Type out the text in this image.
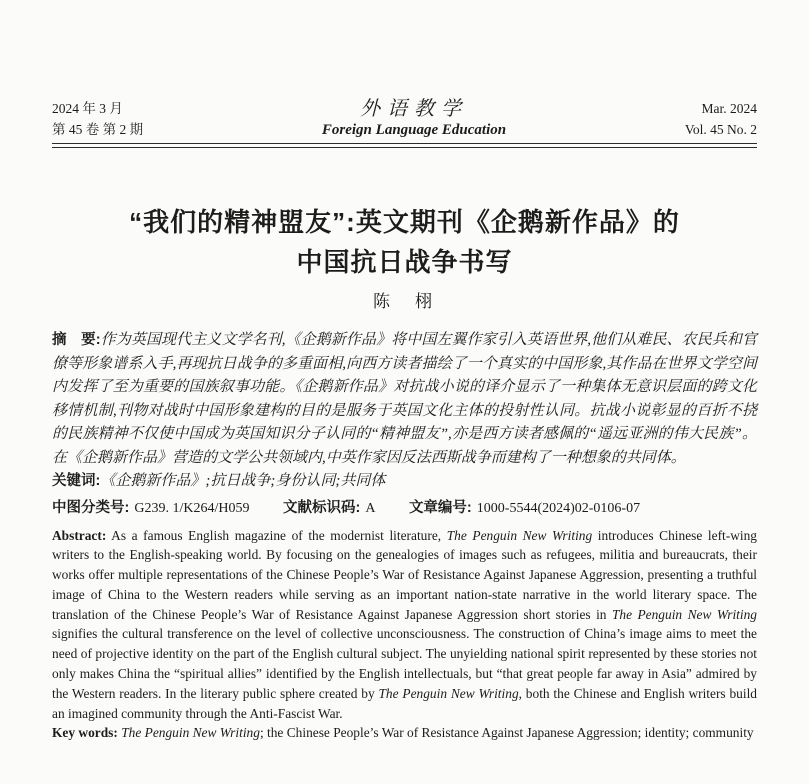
2024 年 3 月
第 45 卷 第 2 期
外语教学
Foreign Language Education
Mar. 2024
Vol. 45 No. 2
“我们的精神盟友”:英文期刊《企鹅新作品》的
中国抗日战争书写
陈　栩

摘　要:作为英国现代主义文学名刊,《企鹅新作品》将中国左翼作家引入英语世界,他们从难民、农民兵和官僚等形象谱系入手,再现抗日战争的多重面相,向西方读者描绘了一个真实的中国形象,其作品在世界文学空间内发挥了至为重要的国族叙事功能。《企鹅新作品》对抗战小说的译介显示了一种集体无意识层面的跨文化移情机制,刊物对战时中国形象建构的目的是服务于英国文化主体的投射性认同。抗战小说彰显的百折不挠的民族精神不仅使中国成为英国知识分子认同的“精神盟友”,亦是西方读者感佩的“遥远亚洲的伟大民族”。在《企鹅新作品》营造的文学公共领域内,中英作家因反法西斯战争而建构了一种想象的共同体。

关键词:《企鹅新作品》;抗日战争;身份认同;共同体

中图分类号: G239. 1/K264/H059 文献标识码: A 文章编号: 1000-5544(2024)02-0106-07

Abstract: As a famous English magazine of the modernist literature, The Penguin New Writing introduces Chinese left-wing writers to the English-speaking world. By focusing on the genealogies of images such as refugees, militia and bureaucrats, their works offer multiple representations of the Chinese People’s War of Resistance Against Japanese Aggression, presenting a truthful image of China to the Western readers while serving as an important nation-state narrative in the world literary space. The translation of the Chinese People’s War of Resistance Against Japanese Aggression short stories in The Penguin New Writing signifies the cultural transference on the level of collective unconsciousness. The construction of China’s image aims to meet the need of projective identity on the part of the English cultural subject. The unyielding national spirit represented by these stories not only makes China the “spiritual allies” identified by the English intellectuals, but “that great people far away in Asia” admired by the Western readers. In the literary public sphere created by The Penguin New Writing, both the Chinese and English writers build an imagined community through the Anti-Fascist War.

Key words: The Penguin New Writing; the Chinese People’s War of Resistance Against Japanese Aggression; identity; community
